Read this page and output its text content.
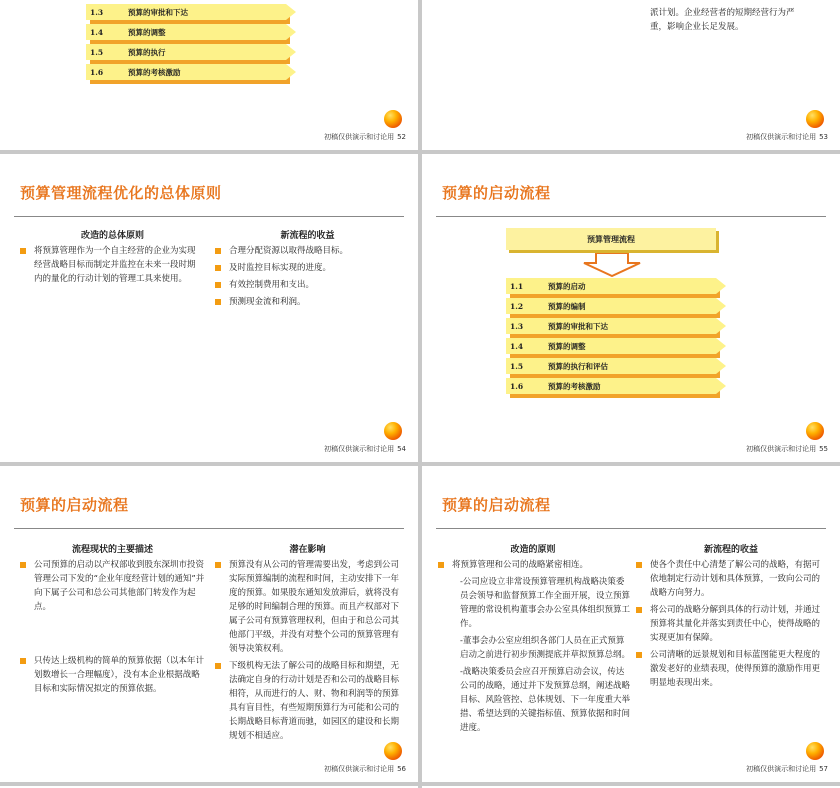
1.3	预算的审批和下达
1.4	预算的调整
1.5	预算的执行
1.6	预算的考核激励
初稿仅供演示和讨论用 52
派计划。企业经营者的短期经营行为严
重，影响企业长足发展。
初稿仅供演示和讨论用 53
预算管理流程优化的总体原则
改造的总体原则
将预算管理作为一个自主经营的企业为实现经营战略目标而制定并监控在未来一段时期内的量化的行动计划的管理工具来使用。
新流程的收益
合理分配资源以取得战略目标。
及时监控目标实现的进度。
有效控制费用和支出。
预测现金流和利润。
初稿仅供演示和讨论用 54
预算的启动流程
预算管理流程
1.1	预算的启动
1.2	预算的编制
1.3	预算的审批和下达
1.4	预算的调整
1.5	预算的执行和评估
1.6	预算的考核激励
初稿仅供演示和讨论用 55
预算的启动流程
流程现状的主要描述
公司预算的启动以产权部收到股东深圳市投资管理公司下发的“企业年度经营计划的通知”并向下属子公司和总公司其他部门转发作为起点。
只传达上级机构的简单的预算依据（以本年计划数增长一合理幅度），没有本企业根据战略目标和实际情况拟定的预算依据。
潜在影响
预算没有从公司的管理需要出发，考虑到公司实际预算编制的流程和时间，主动安排下一年度的预算。如果股东通知发放滞后，就将没有足够的时间编制合理的预算。而且产权部对下属子公司有预算管理权利，但由于和总公司其他部门平级，并没有对整个公司的预算管理有领导决策权利。
下级机构无法了解公司的战略目标和期望，无法确定自身的行动计划是否和公司的战略目标相符，从而进行的人、财、物和利润等的预算具有盲目性，有些短期预算行为可能和公司的长期战略目标背道而驰，如园区的建设和长期规划不相适应。
初稿仅供演示和讨论用 56
预算的启动流程
改造的原则
将预算管理和公司的战略紧密相连。
-公司应设立非常设预算管理机构战略决策委员会领导和监督预算工作全面开展，设立预算管理的常设机构董事会办公室具体组织预算工作。
-董事会办公室应组织各部门人员在正式预算启动之前进行初步预测提底并草拟预算总纲。
-战略决策委员会应召开预算启动会议，传达公司的战略，通过并下发预算总纲，阐述战略目标、风险管控、总体规划、下一年度重大举措、希望达到的关键指标值、预算依据和时间进度。
新流程的收益
使各个责任中心清楚了解公司的战略，有据可依地制定行动计划和具体预算，一致向公司的战略方向努力。
将公司的战略分解到具体的行动计划，并通过预算将其量化并落实到责任中心，使得战略的实现更加有保障。
公司清晰的远景规划和目标蓝图能更大程度的激发老好的业绩表现，使得预算的激励作用更明显地表现出来。
初稿仅供演示和讨论用 57
